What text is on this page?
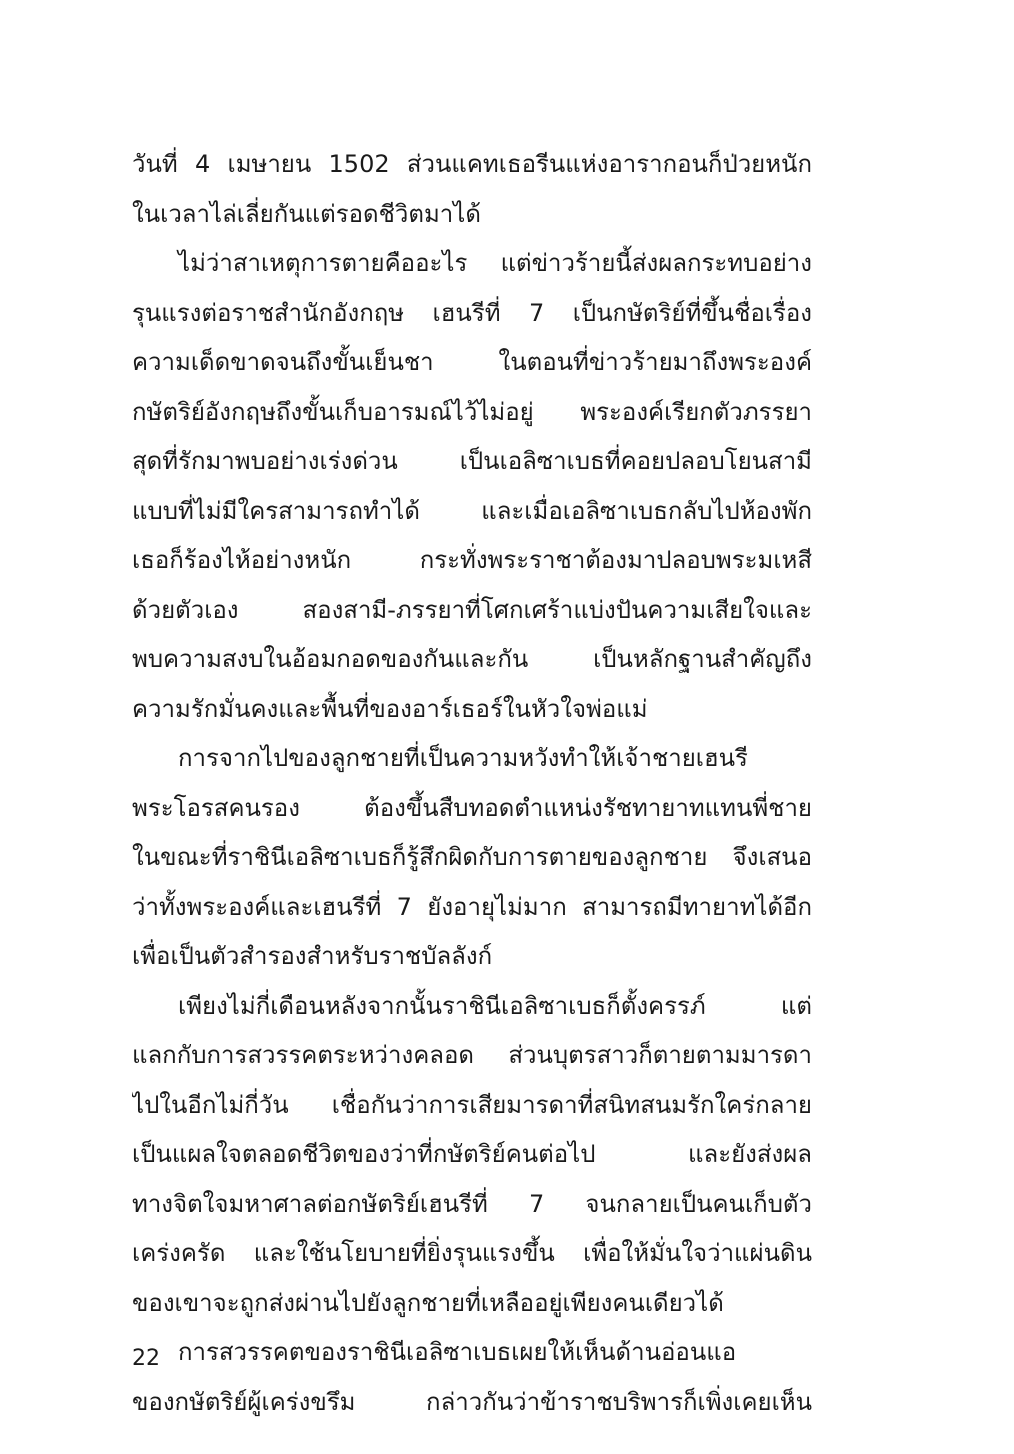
วันที่ 4 เมษายน 1502 ส่วนแคทเธอรีนแห่งอารากอนก็ป่วยหนัก
ในเวลาไล่เลี่ยกันแต่รอดชีวิตมาได้
ไม่ว่าสาเหตุการตายคืออะไร แต่ข่าวร้ายนี้ส่งผลกระทบอย่าง
รุนแรงต่อราชสำนักอังกฤษ เฮนรีที่ 7 เป็นกษัตริย์ที่ขึ้นชื่อเรื่อง
ความเด็ดขาดจนถึงขั้นเย็นชา ในตอนที่ข่าวร้ายมาถึงพระองค์
กษัตริย์อังกฤษถึงขั้นเก็บอารมณ์ไว้ไม่อยู่ พระองค์เรียกตัวภรรยา
สุดที่รักมาพบอย่างเร่งด่วน เป็นเอลิซาเบธที่คอยปลอบโยนสามี
แบบที่ไม่มีใครสามารถทำได้ และเมื่อเอลิซาเบธกลับไปห้องพัก
เธอก็ร้องไห้อย่างหนัก กระทั่งพระราชาต้องมาปลอบพระมเหสี
ด้วยตัวเอง สองสามี-ภรรยาที่โศกเศร้าแบ่งปันความเสียใจและ
พบความสงบในอ้อมกอดของกันและกัน เป็นหลักฐานสำคัญถึง
ความรักมั่นคงและพื้นที่ของอาร์เธอร์ในหัวใจพ่อแม่
การจากไปของลูกชายที่เป็นความหวังทำให้เจ้าชายเฮนรี
พระโอรสคนรอง ต้องขึ้นสืบทอดตำแหน่งรัชทายาทแทนพี่ชาย
ในขณะที่ราชินีเอลิซาเบธก็รู้สึกผิดกับการตายของลูกชาย จึงเสนอ
ว่าทั้งพระองค์และเฮนรีที่ 7 ยังอายุไม่มาก สามารถมีทายาทได้อีก
เพื่อเป็นตัวสำรองสำหรับราชบัลลังก์
เพียงไม่กี่เดือนหลังจากนั้นราชินีเอลิซาเบธก็ตั้งครรภ์ แต่
แลกกับการสวรรคตระหว่างคลอด ส่วนบุตรสาวก็ตายตามมารดา
ไปในอีกไม่กี่วัน เชื่อกันว่าการเสียมารดาที่สนิทสนมรักใคร่กลาย
เป็นแผลใจตลอดชีวิตของว่าที่กษัตริย์คนต่อไป และยังส่งผล
ทางจิตใจมหาศาลต่อกษัตริย์เฮนรีที่ 7 จนกลายเป็นคนเก็บตัว
เคร่งครัด และใช้นโยบายที่ยิ่งรุนแรงขึ้น เพื่อให้มั่นใจว่าแผ่นดิน
ของเขาจะถูกส่งผ่านไปยังลูกชายที่เหลืออยู่เพียงคนเดียวได้
การสวรรคตของราชินีเอลิซาเบธเผยให้เห็นด้านอ่อนแอ
ของกษัตริย์ผู้เคร่งขรึม กล่าวกันว่าข้าราชบริพารก็เพิ่งเคยเห็น
22
